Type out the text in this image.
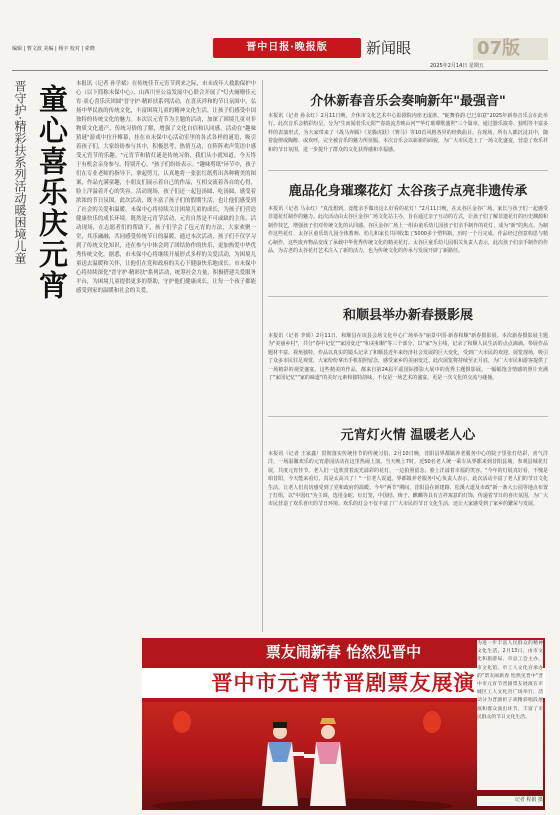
编辑 | 曹文波 美编 | 杨宇 校对 | 索晓	晋中日报·晚报版	新闻眼	07版
2025年2月14日 星期五
晋守护·精彩扶系列活动暖困境儿童 童心喜乐庆元宵 本报讯（记者 孙学斌）在传统佳节元宵节到来之际，市未成年人救助保护中心（以下简称未保中心）、山西川至公益发展中心联合开展了"灯火阑珊佳元宵·童心喜乐庆团圆"晋守护·精彩扶系列活动，在喜庆祥和的节日氛围中，弘扬中华民族的传统文化，丰富困境儿童的精神文化生活，让孩子们感受中国独特的传统文化的魅力。本次以元宵节为主题的活动，加深了困境儿童对非物质文化遗产、传统习俗的了解，增强了文化自信和认同感。活动在"趣味猜谜"游戏中拉开帷幕，挂在市未保中心活动室里的各式各样的谜语，吸引着孩子们，大家纷纷参与其中，积极思考，热情互动，在阵阵欢声笑语中感受元宵节的乐趣。"元宵节和猜灯谜是传统习俗，我们从小就知道，今天终于有机会亲身参与，特别开心。"孩子们纷纷表示。"趣味剪纸"环节中，孩子们在专业老师的指导下，拿起剪刀，认真地将一张张红纸剪出各种精美的图案，作品充满童趣，小朋友们展示着自己的作品，互相交流着各自的心得，脸上洋溢着开心的笑容。活动现场，孩子们还一起包汤圆、吃汤圆，感受着浓浓的节日氛围。此次活动，既丰富了孩子们的假期生活，也让他们感受到了社会的关爱和温暖。未保中心将持续关注困境儿童的成长，为孩子们营造健康快乐的成长环境。既然是元宵节活动，元宵自然是不可或缺的主角。活动现场，在志愿者们的帮助下，孩子们学会了包元宵的方法，大家欢聚一堂，其乐融融，共同感受传统节日的温暖。通过本次活动，孩子们不仅学习到了传统文化知识，还在参与中体会到了团结协作的快乐，更加热爱中华优秀传统文化。据悉，市未保中心将继续开展形式多样的关爱活动，为困境儿童送去温暖和关怀，让他们在党和政府的关心下健康快乐地成长。市未保中心将持续深化"晋守护·精彩扶"系列活动，统筹社会力量，积极搭建关爱服务平台，为困境儿童提供更多的帮助，守护他们健康成长，让每一个孩子都能感受到家的温暖和社会的关爱。
介休新春音乐会奏响新年"最强音"
本报讯（记者 孙永红）2月11日晚，介休市文化艺术中心影剧院内座无虚席，"蛇舞春韵·巳巳如意"2025年新春音乐会在此举行。此次音乐会精彩纷呈，分为"生而闻者乐元阳""春韵流芳映山河""华灯璀璨歌盛世"三个篇章，通过器乐演奏、独唱等丰富多样的表演形式，为大家带来了《战马奔腾》《龙腾虎跃》《赛马》等10首风格各异的经典曲目。在现场，所有人都沉浸其中，随着旋律或陶醉、或欢呼，完全被音乐的魅力所征服。本次音乐会以崭新的面貌，为广大市民送上了一场文化盛宴，营造了欢乐祥和的节日氛围，进一步提升了群众的文化获得感和幸福感。
鹿品化身璀璨花灯 太谷孩子点亮非遗传承
本报讯（记者 马永红）"真没想到，竟能亲手做出这么好看的花灯！"2月11日晚，在太谷区金谷广场，家长与孩子们一起感受非遗花灯制作的魅力。此次活动由太谷区金谷广场文化站主办，旨在通过亲子互动的方式，让孩子们了解非遗花灯的历史渊源和制作技艺，增强孩子们对传统文化的认同感。谷区金谷广场上一组由童乐幼儿园孩子们亲手制作的花灯，成为"新"的焦点。为制作这些花灯，太谷区童乐幼儿园全体教师、幼儿和家长共同收集了5000多个塑料瓶，历时一个月完成。作品经过创意构思与精心制作，这些废弃物品变成了承载中华优秀传统文化的精美花灯。太谷区童乐幼儿园相关负责人表示，此次孩子们亲手制作的作品，为古老的太谷花灯艺术注入了新的活力，也为传统文化的传承与发展开辟了新路径。
和顺县举办新春摄影展
本报讯（记者 李娟）2月11日，和顺县在该县会场文化中心广场举办"丽景中国·新春和顺"新春摄影展。本次新春摄影展主题为"美丽乡村"，共分"春中记忆""家园变迁""和美和顺"等三个部分，以"家"为主线，记录了和顺人民生活的点点滴滴。参展作品题材丰富、视角独特，作品以真实的镜头记录了和顺县近年来经济社会发展的巨大变化，受到广大市民的欢迎。展览现场，吸引了众多市民驻足观赏，大家纷纷拿出手机拍照留念，感受家乡的美丽变迁。此次展览将持续至正月底，为广大市民和游客提供了一场精彩的视觉盛宴。这些精美的作品，都来自第24届平遥国际摄影大展中的优秀主题摄影展。一幅幅饱含情感的照片充满了"家园记忆""家的味道"的美好元素和独特韵味，不仅是一场艺术的盛宴，更是一次文化的交流与碰撞。
元宵灯火情 温暖老人心
本报讯（记者 王家鑫）贯彻落实传统佳节的传统习俗，2月10日晚，昔阳县界都镇养老服务中心的院子里张灯结彩，喜气洋洋，一场温馨欢乐的元宵游园活动在这里热闹上演。当天晚上7时，近50名老人统一乘车从界都来到昔阳县城，参观县城花灯展，共度元宵佳节。老人们一边欣赏着流光溢彩的花灯，一边拍照留念，脸上洋溢着幸福的笑容。"今年的灯展真好看，不愧是咱昔阳，今天能来看灯，真是太高兴了！"一位老人说道。界都镇养老服务中心负责人表示，此次活动丰富了老人们的节日文化生活，让老人们真切感受到了党和政府的温暖。今年"两节"期间，昔阳县在新建路、松溪大道及市政"新一条大公园等地点布置了灯组，以"中国红"为主调，选用金蛇、红灯笼、中国结、梅子、麒麟等具有吉祥寓意的灯饰，传递着节日的喜庆氛围，为广大市民营造了欢乐喜庆的节日环境。欢乐的灯会不仅丰富了广大市民的节日文化生活，还让大家感受到了家乡的繁荣与发展。
票友闹新春 怡然见晋中
晋中市元宵节晋剧票友展演
为进一步丰富人民群众的精神文化生活，2月13日，由市文化和旅游局、市总工会主办，市文化馆、市工人文化宫承办的"票友闹新春 怡然见晋中"晋中市元宵节晋剧票友展演在市城区工人文化宫广场举行，活动分为晋剧折子戏精彩唱段展演和群众演出环节，丰富了市民群众的节日文化生活。
记者 程娟 摄
